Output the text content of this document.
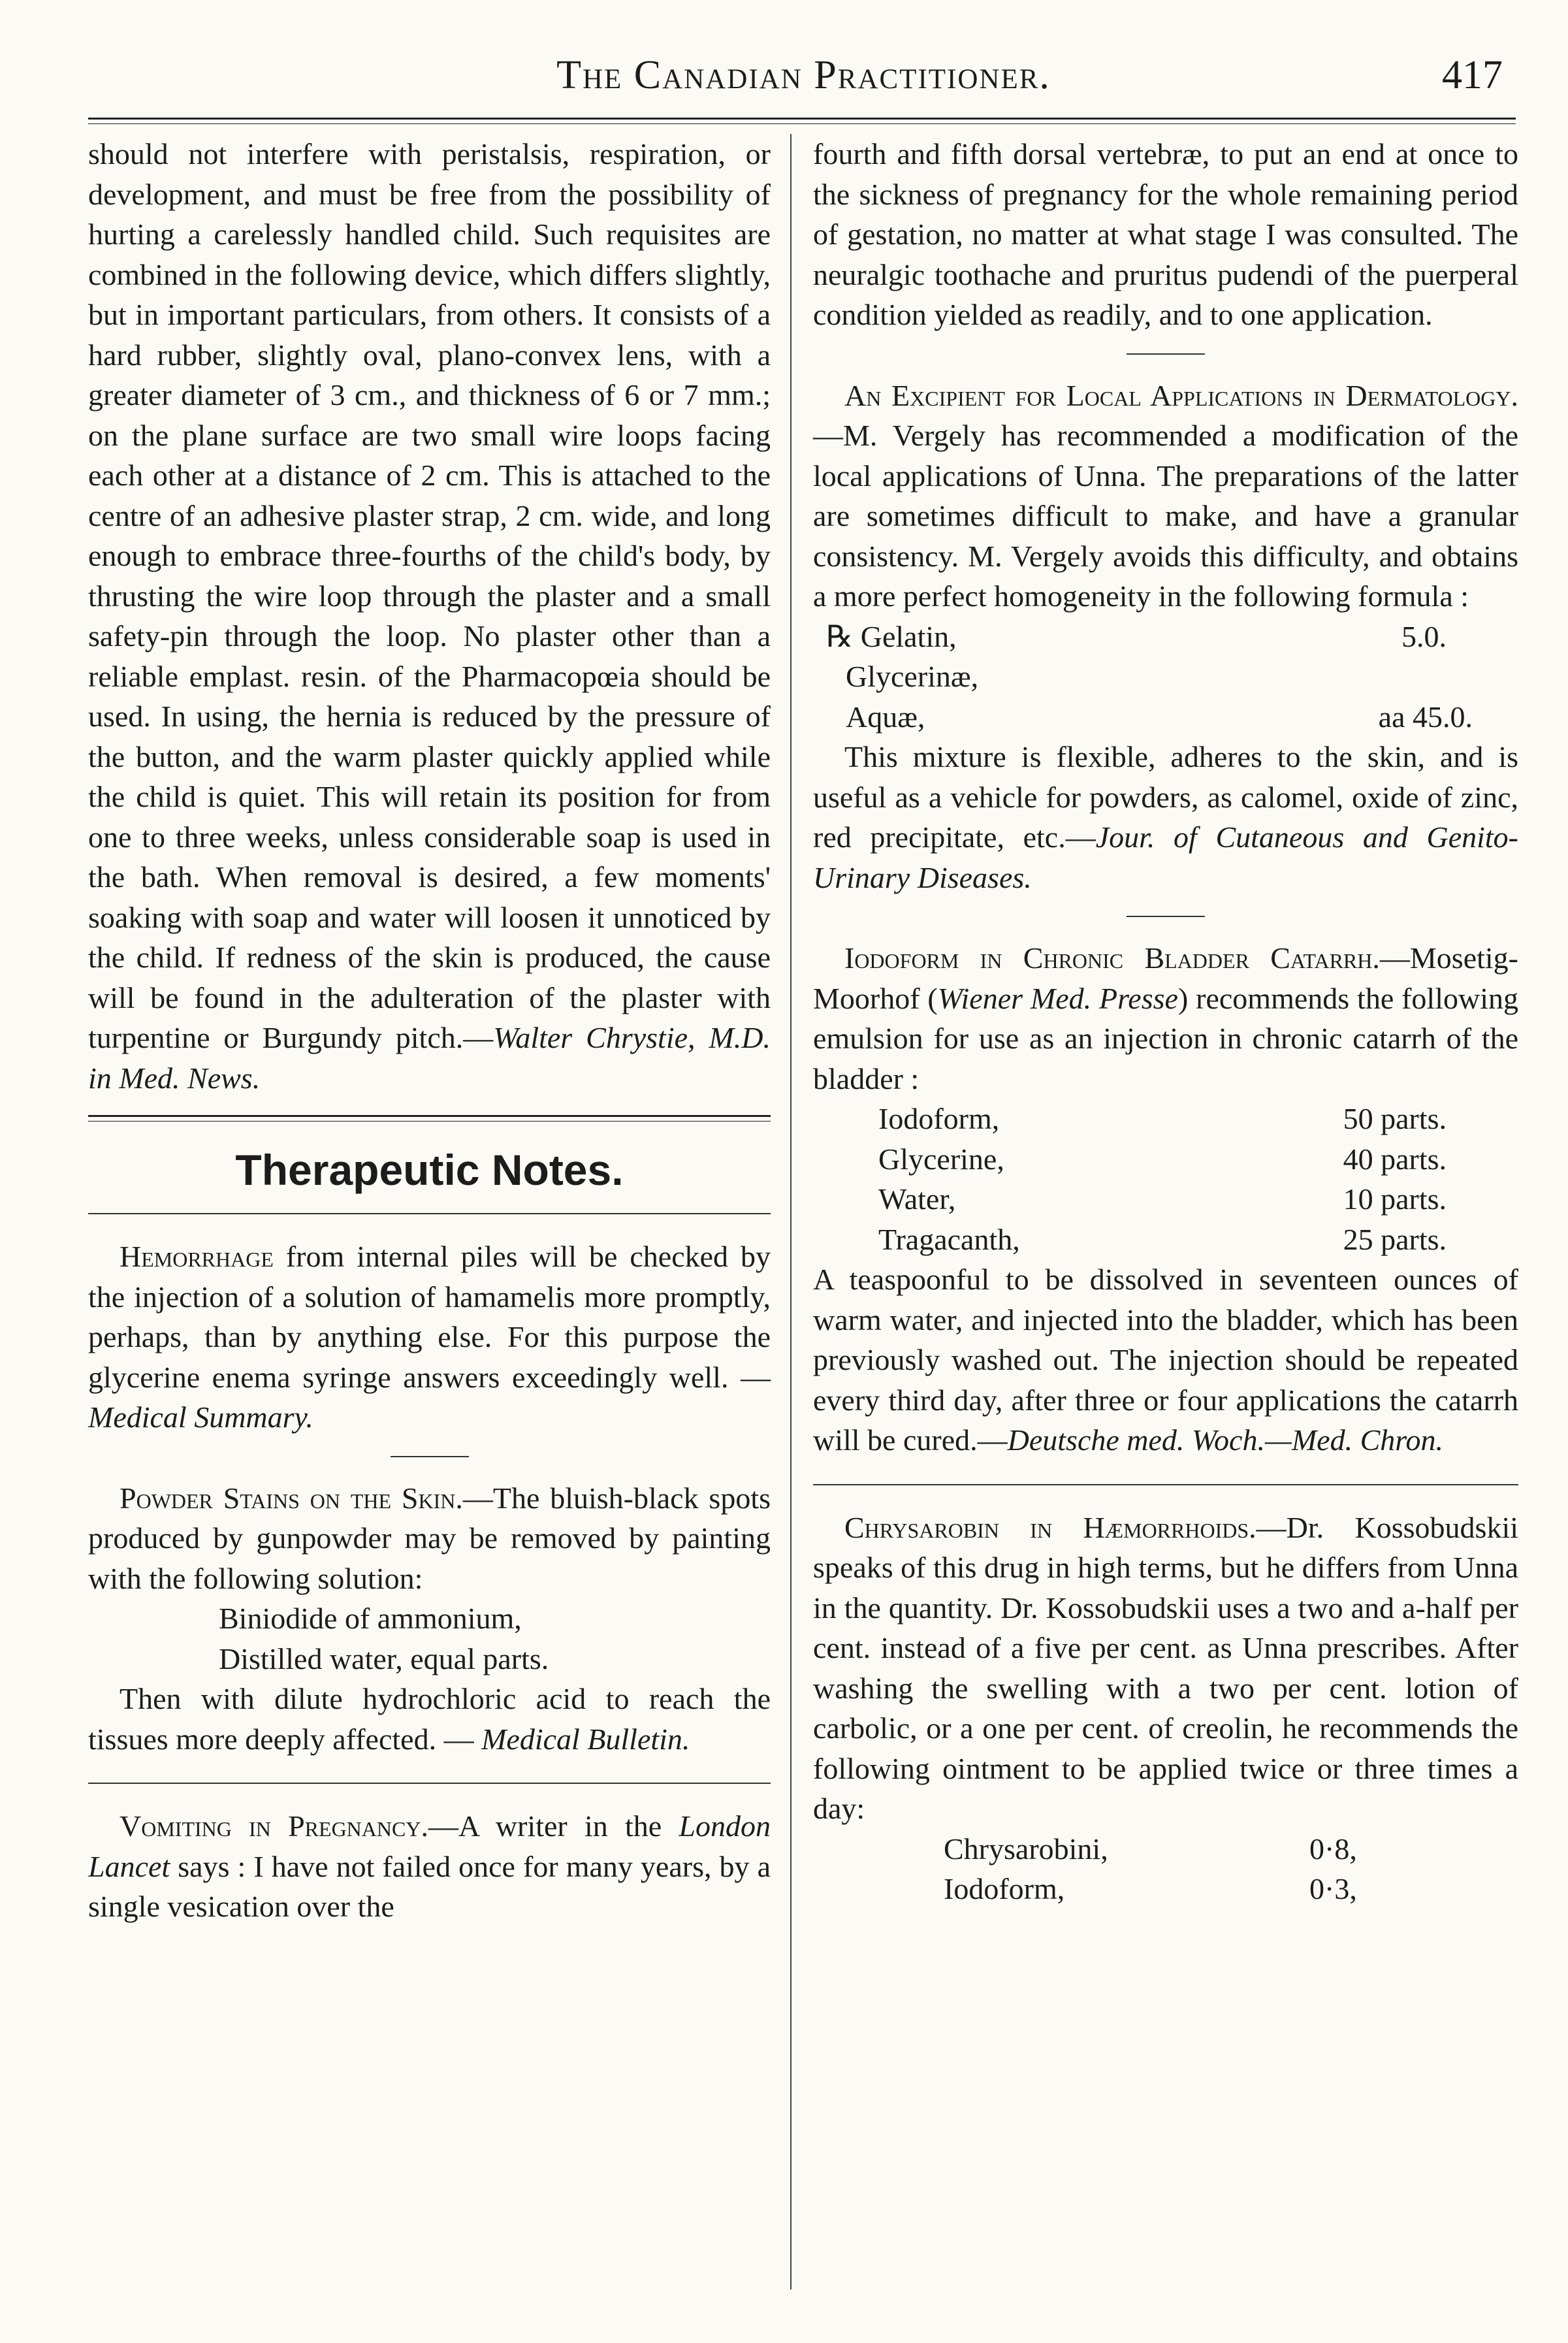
The Canadian Practitioner.	417

should not interfere with peristalsis, respiration, or development, and must be free from the possibility of hurting a carelessly handled child. Such requisites are combined in the following device, which differs slightly, but in important particulars, from others. It consists of a hard rubber, slightly oval, plano-convex lens, with a greater diameter of 3 cm., and thickness of 6 or 7 mm.; on the plane surface are two small wire loops facing each other at a distance of 2 cm. This is attached to the centre of an adhesive plaster strap, 2 cm. wide, and long enough to embrace three-fourths of the child's body, by thrusting the wire loop through the plaster and a small safety-pin through the loop. No plaster other than a reliable emplast. resin. of the Pharmacopœia should be used. In using, the hernia is reduced by the pressure of the button, and the warm plaster quickly applied while the child is quiet. This will retain its position for from one to three weeks, unless considerable soap is used in the bath. When removal is desired, a few moments' soaking with soap and water will loosen it unnoticed by the child. If redness of the skin is produced, the cause will be found in the adulteration of the plaster with turpentine or Burgundy pitch.—Walter Chrystie, M.D. in Med. News.

Therapeutic Notes.

Hemorrhage from internal piles will be checked by the injection of a solution of hamamelis more promptly, perhaps, than by anything else. For this purpose the glycerine enema syringe answers exceedingly well. — Medical Summary.

Powder Stains on the Skin.—The bluish-black spots produced by gunpowder may be removed by painting with the following solution:

Biniodide of ammonium,

Distilled water, equal parts.

Then with dilute hydrochloric acid to reach the tissues more deeply affected. — Medical Bulletin.

Vomiting in Pregnancy.—A writer in the London Lancet says : I have not failed once for many years, by a single vesication over the

fourth and fifth dorsal vertebræ, to put an end at once to the sickness of pregnancy for the whole remaining period of gestation, no matter at what stage I was consulted. The neuralgic toothache and pruritus pudendi of the puerperal condition yielded as readily, and to one application.

An Excipient for Local Applications in Dermatology.—M. Vergely has recommended a modification of the local applications of Unna. The preparations of the latter are sometimes difficult to make, and have a granular consistency. M. Vergely avoids this difficulty, and obtains a more perfect homogeneity in the following formula :

℞ Gelatin,	5.0.
Glycerinæ,
Aquæ,	aa 45.0.

This mixture is flexible, adheres to the skin, and is useful as a vehicle for powders, as calomel, oxide of zinc, red precipitate, etc.—Jour. of Cutaneous and Genito-Urinary Diseases.

Iodoform in Chronic Bladder Catarrh.—Mosetig-Moorhof (Wiener Med. Presse) recommends the following emulsion for use as an injection in chronic catarrh of the bladder :

Iodoform,	50 parts.
Glycerine,	40 parts.
Water,	10 parts.
Tragacanth,	25 parts.

A teaspoonful to be dissolved in seventeen ounces of warm water, and injected into the bladder, which has been previously washed out. The injection should be repeated every third day, after three or four applications the catarrh will be cured.—Deutsche med. Woch.—Med. Chron.

Chrysarobin in Hæmorrhoids.—Dr. Kossobudskii speaks of this drug in high terms, but he differs from Unna in the quantity. Dr. Kossobudskii uses a two and a-half per cent. instead of a five per cent. as Unna prescribes. After washing the swelling with a two per cent. lotion of carbolic, or a one per cent. of creolin, he recommends the following ointment to be applied twice or three times a day:

Chrysarobini,	0·8,
Iodoform,	0·3,
